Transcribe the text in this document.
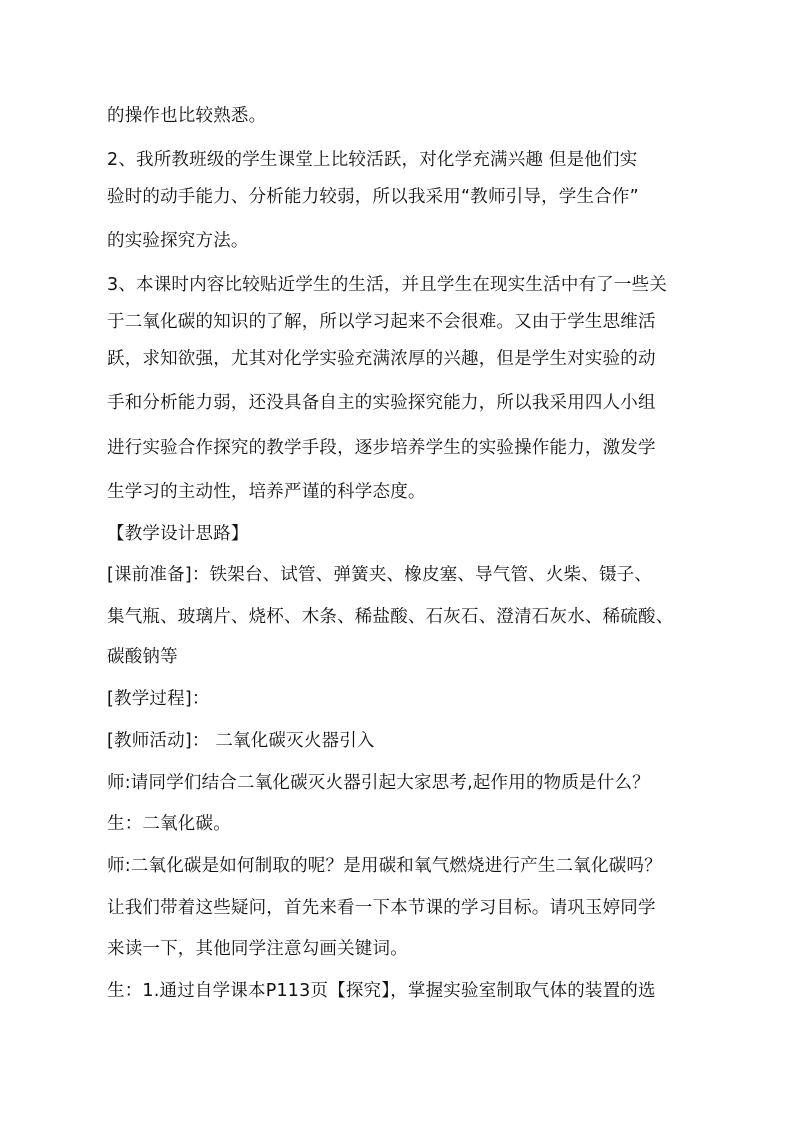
的操作也比较熟悉。
2、我所教班级的学生课堂上比较活跃，对化学充满兴趣 但是他们实
验时的动手能力、分析能力较弱，所以我采用“教师引导，学生合作”
的实验探究方法。
3、本课时内容比较贴近学生的生活，并且学生在现实生活中有了一些关
于二氧化碳的知识的了解，所以学习起来不会很难。又由于学生思维活
跃，求知欲强，尤其对化学实验充满浓厚的兴趣，但是学生对实验的动
手和分析能力弱，还没具备自主的实验探究能力，所以我采用四人小组
进行实验合作探究的教学手段，逐步培养学生的实验操作能力，激发学
生学习的主动性，培养严谨的科学态度。
【教学设计思路】
[课前准备]：铁架台、试管、弹簧夹、橡皮塞、导气管、火柴、镊子、
集气瓶、玻璃片、烧杯、木条、稀盐酸、石灰石、澄清石灰水、稀硫酸、
碳酸钠等
[教学过程]：
[教师活动]： 二氧化碳灭火器引入
师:请同学们结合二氧化碳灭火器引起大家思考,起作用的物质是什么？
生：二氧化碳。
师:二氧化碳是如何制取的呢？是用碳和氧气燃烧进行产生二氧化碳吗？
让我们带着这些疑问，首先来看一下本节课的学习目标。请巩玉婷同学
来读一下，其他同学注意勾画关键词。
生：1.通过自学课本P113页【探究】，掌握实验室制取气体的装置的选
